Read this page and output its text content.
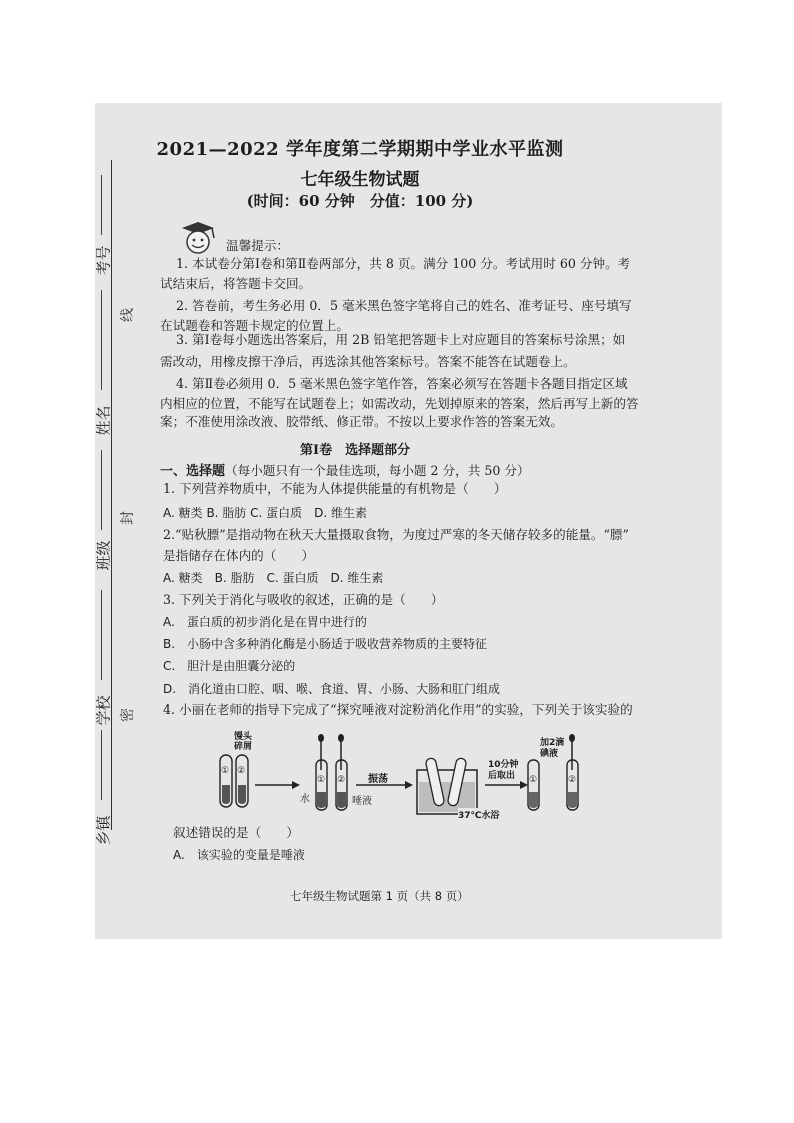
乡镇
学校
班级
姓名
考号
线
封
密
2021—2022 学年度第二学期期中学业水平监测
七年级生物试题
(时间：60 分钟　分值：100 分)
温馨提示：
1. 本试卷分第Ⅰ卷和第Ⅱ卷两部分，共 8 页。满分 100 分。考试用时 60 分钟。考
试结束后，将答题卡交回。
2. 答卷前，考生务必用 0．5 毫米黑色签字笔将自己的姓名、准考证号、座号填写
在试题卷和答题卡规定的位置上。
3. 第Ⅰ卷每小题选出答案后，用 2B 铅笔把答题卡上对应题目的答案标号涂黑；如
需改动，用橡皮擦干净后，再选涂其他答案标号。答案不能答在试题卷上。
4. 第Ⅱ卷必须用 0．5 毫米黑色签字笔作答，答案必须写在答题卡各题目指定区域
内相应的位置，不能写在试题卷上；如需改动，先划掉原来的答案，然后再写上新的答
案；不准使用涂改液、胶带纸、修正带。不按以上要求作答的答案无效。
第Ⅰ卷　选择题部分
一、选择题（每小题只有一个最佳选项，每小题 2 分，共 50 分）
1. 下列营养物质中，不能为人体提供能量的有机物是（　　）
A. 糖类 B. 脂肪 C. 蛋白质　D. 维生素
2.“贴秋膘”是指动物在秋天大量摄取食物，为度过严寒的冬天储存较多的能量。“膘”
是指储存在体内的（　　）
A. 糖类　B. 脂肪　C. 蛋白质　D. 维生素
3. 下列关于消化与吸收的叙述，正确的是（　　）
A.　蛋白质的初步消化是在胃中进行的
B.　小肠中含多种消化酶是小肠适于吸收营养物质的主要特征
C.　胆汁是由胆囊分泌的
D.　消化道由口腔、咽、喉、食道、胃、小肠、大肠和肛门组成
4. 小丽在老师的指导下完成了“探究唾液对淀粉消化作用”的实验，下列关于该实验的
馒头碎屑
① ②
水	唾液
① ② 振荡
10分钟后取出
37℃水浴
加2滴碘液
①	②
叙述错误的是（　　）
A.　该实验的变量是唾液
七年级生物试题第 1 页（共 8 页）
